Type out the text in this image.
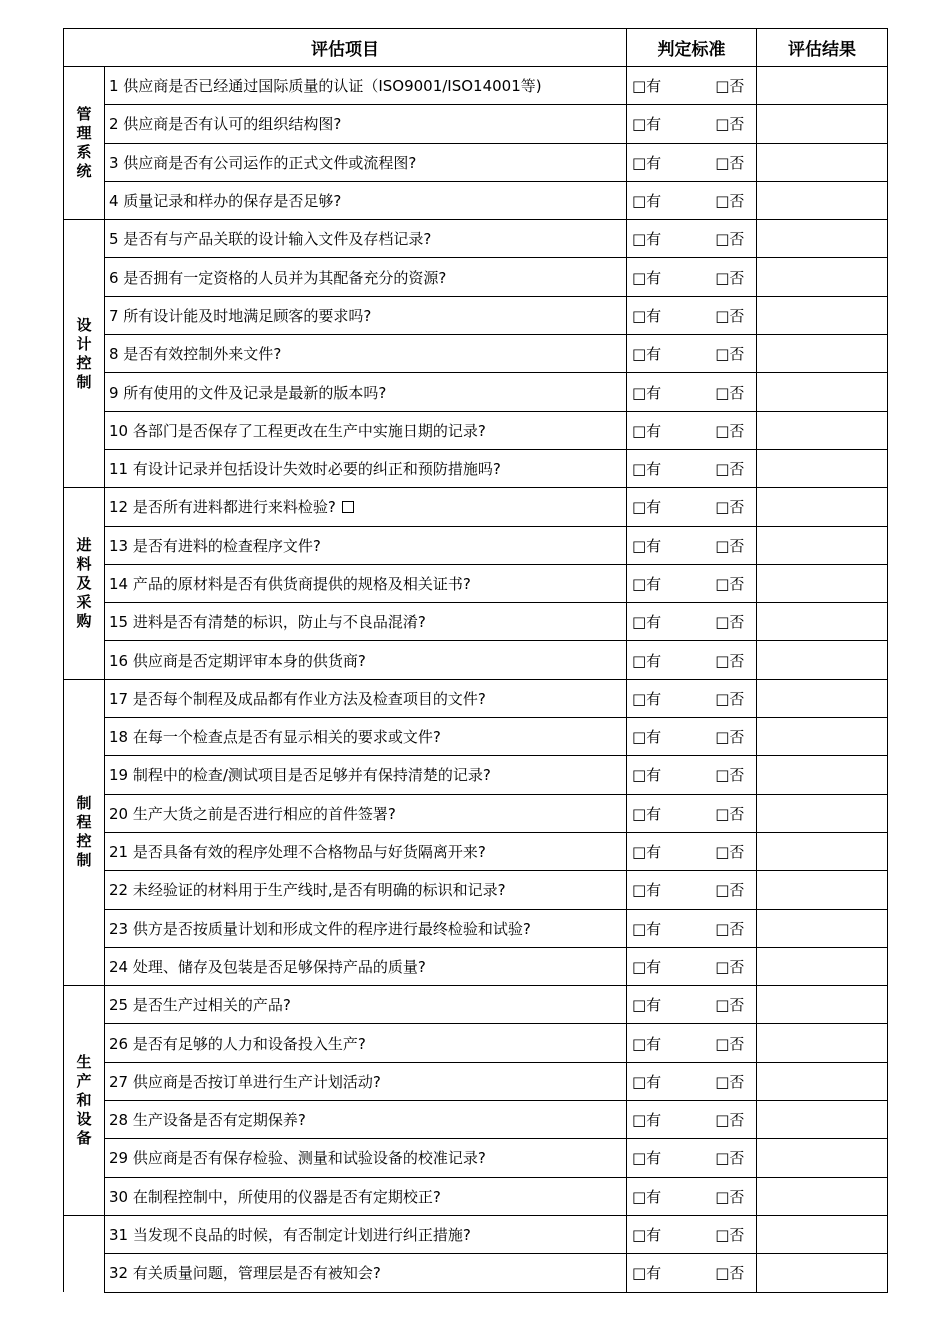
评估项目		判定标准	评估结果
管理系统	1 供应商是否已经通过国际质量的认证（ISO9001/ISO14001等)	□有 □否	
	2 供应商是否有认可的组织结构图?	□有 □否	
	3 供应商是否有公司运作的正式文件或流程图?	□有 □否	
	4 质量记录和样办的保存是否足够?	□有 □否	
设计控制	5 是否有与产品关联的设计输入文件及存档记录?	□有 □否	
	6 是否拥有一定资格的人员并为其配备充分的资源?	□有 □否	
	7 所有设计能及时地满足顾客的要求吗?	□有 □否	
	8 是否有效控制外来文件?	□有 □否	
	9 所有使用的文件及记录是最新的版本吗?	□有 □否	
	10 各部门是否保存了工程更改在生产中实施日期的记录?	□有 □否	
	11 有设计记录并包括设计失效时必要的纠正和预防措施吗?	□有 □否	
进料及采购	12 是否所有进料都进行来料检验?	□有 □否	
	13 是否有进料的检查程序文件?	□有 □否	
	14 产品的原材料是否有供货商提供的规格及相关证书?	□有 □否	
	15 进料是否有清楚的标识，防止与不良品混淆?	□有 □否	
	16 供应商是否定期评审本身的供货商?	□有 □否	
制程控制	17 是否每个制程及成品都有作业方法及检查项目的文件?	□有 □否	
	18 在每一个检查点是否有显示相关的要求或文件?	□有 □否	
	19 制程中的检查/测试项目是否足够并有保持清楚的记录?	□有 □否	
	20 生产大货之前是否进行相应的首件签署?	□有 □否	
	21 是否具备有效的程序处理不合格物品与好货隔离开来?	□有 □否	
	22 未经验证的材料用于生产线时,是否有明确的标识和记录?	□有 □否	
	23 供方是否按质量计划和形成文件的程序进行最终检验和试验?	□有 □否	
	24 处理、储存及包装是否足够保持产品的质量?	□有 □否	
生产和设备	25 是否生产过相关的产品?	□有 □否	
	26 是否有足够的人力和设备投入生产?	□有 □否	
	27 供应商是否按订单进行生产计划活动?	□有 □否	
	28 生产设备是否有定期保养?	□有 □否	
	29 供应商是否有保存检验、测量和试验设备的校准记录?	□有 □否	
	30 在制程控制中，所使用的仪器是否有定期校正?	□有 □否	
	31 当发现不良品的时候，有否制定计划进行纠正措施?	□有 □否	
	32 有关质量问题，管理层是否有被知会?	□有 □否	
